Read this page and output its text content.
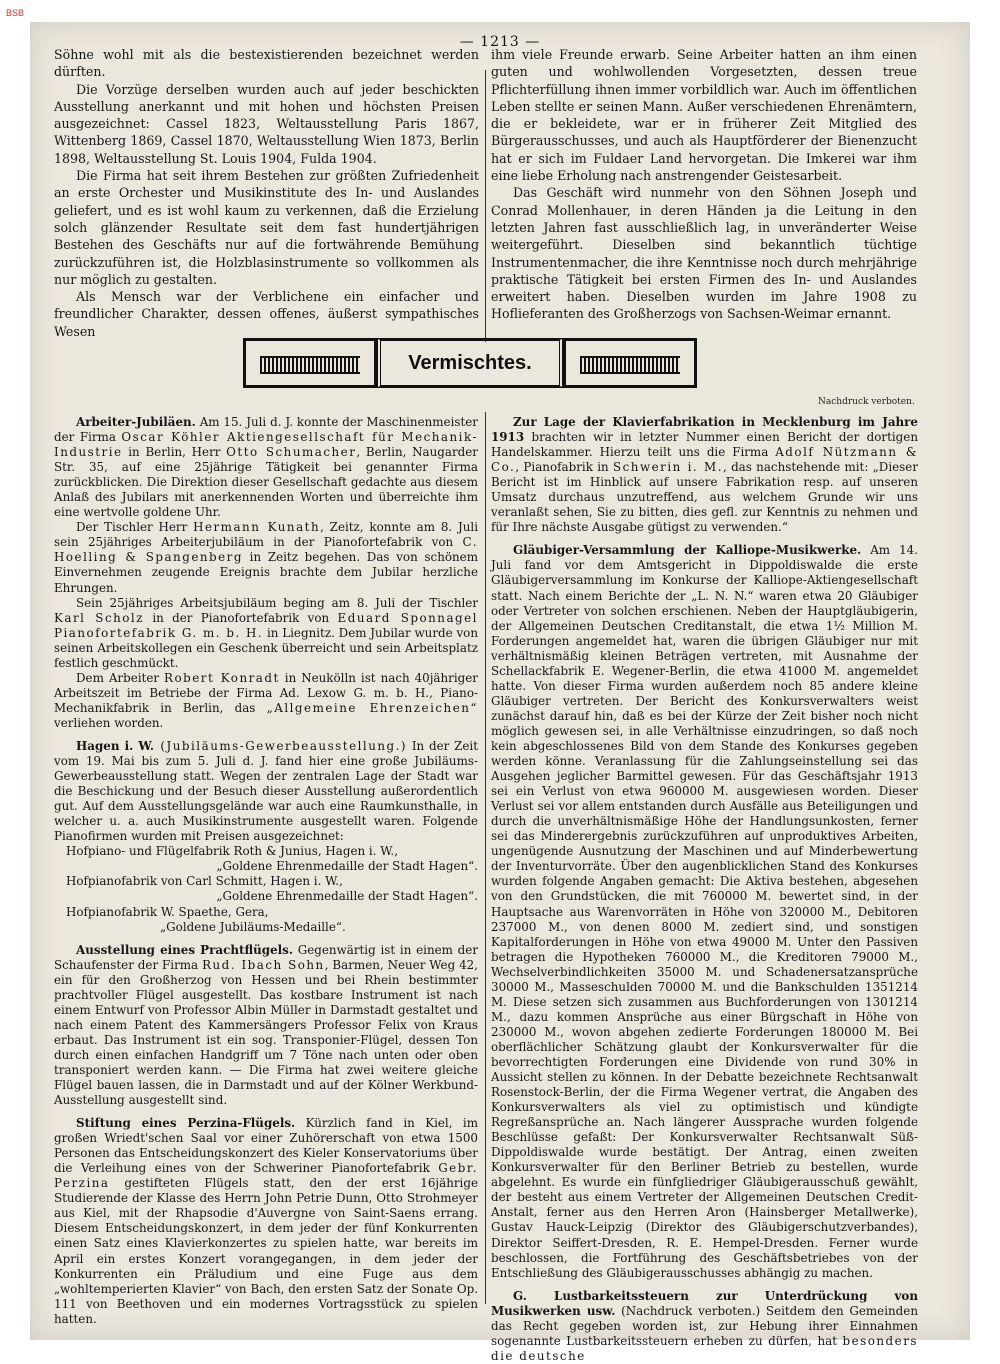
BSB
— 1213 —

Söhne wohl mit als die bestexistierenden bezeichnet werden dürften.

Die Vorzüge derselben wurden auch auf jeder beschickten Ausstellung anerkannt und mit hohen und höchsten Preisen ausgezeichnet: Cassel 1823, Weltausstellung Paris 1867, Wittenberg 1869, Cassel 1870, Weltausstellung Wien 1873, Berlin 1898, Weltausstellung St. Louis 1904, Fulda 1904.

Die Firma hat seit ihrem Bestehen zur größten Zufriedenheit an erste Orchester und Musikinstitute des In- und Auslandes geliefert, und es ist wohl kaum zu verkennen, daß die Erzielung solch glänzender Resultate seit dem fast hundertjährigen Bestehen des Geschäfts nur auf die fortwährende Bemühung zurückzuführen ist, die Holzblasinstrumente so vollkommen als nur möglich zu gestalten.

Als Mensch war der Verblichene ein einfacher und freundlicher Charakter, dessen offenes, äußerst sympathisches Wesen

ihm viele Freunde erwarb. Seine Arbeiter hatten an ihm einen guten und wohlwollenden Vorgesetzten, dessen treue Pflichterfüllung ihnen immer vorbildlich war. Auch im öffentlichen Leben stellte er seinen Mann. Außer verschiedenen Ehrenämtern, die er bekleidete, war er in früherer Zeit Mitglied des Bürgerausschusses, und auch als Hauptförderer der Bienenzucht hat er sich im Fuldaer Land hervorgetan. Die Imkerei war ihm eine liebe Erholung nach anstrengender Geistesarbeit.

Das Geschäft wird nunmehr von den Söhnen Joseph und Conrad Mollenhauer, in deren Händen ja die Leitung in den letzten Jahren fast ausschließlich lag, in unveränderter Weise weitergeführt. Dieselben sind bekanntlich tüchtige Instrumentenmacher, die ihre Kenntnisse noch durch mehrjährige praktische Tätigkeit bei ersten Firmen des In- und Auslandes erweitert haben. Dieselben wurden im Jahre 1908 zu Hoflieferanten des Großherzogs von Sachsen-Weimar ernannt.

Vermischtes.
Nachdruck verboten.

Arbeiter-Jubiläen. Am 15. Juli d. J. konnte der Maschinenmeister der Firma Oscar Köhler Aktiengesellschaft für Mechanik-Industrie in Berlin, Herr Otto Schumacher, Berlin, Naugarder Str. 35, auf eine 25jährige Tätigkeit bei genannter Firma zurückblicken. Die Direktion dieser Gesellschaft gedachte aus diesem Anlaß des Jubilars mit anerkennenden Worten und überreichte ihm eine wertvolle goldene Uhr.

Der Tischler Herr Hermann Kunath, Zeitz, konnte am 8. Juli sein 25jähriges Arbeiterjubiläum in der Pianofortefabrik von C. Hoelling & Spangenberg in Zeitz begehen. Das von schönem Einvernehmen zeugende Ereignis brachte dem Jubilar herzliche Ehrungen.

Sein 25jähriges Arbeitsjubiläum beging am 8. Juli der Tischler Karl Scholz in der Pianofortefabrik von Eduard Sponnagel Pianofortefabrik G. m. b. H. in Liegnitz. Dem Jubilar wurde von seinen Arbeitskollegen ein Geschenk überreicht und sein Arbeitsplatz festlich geschmückt.

Dem Arbeiter Robert Konradt in Neukölln ist nach 40jähriger Arbeitszeit im Betriebe der Firma Ad. Lexow G. m. b. H., Piano-Mechanikfabrik in Berlin, das „Allgemeine Ehrenzeichen“ verliehen worden.

Hagen i. W. (Jubiläums-Gewerbeausstellung.) In der Zeit vom 19. Mai bis zum 5. Juli d. J. fand hier eine große Jubiläums-Gewerbeausstellung statt. Wegen der zentralen Lage der Stadt war die Beschickung und der Besuch dieser Ausstellung außerordentlich gut. Auf dem Ausstellungsgelände war auch eine Raumkunsthalle, in welcher u. a. auch Musikinstrumente ausgestellt waren. Folgende Pianofirmen wurden mit Preisen ausgezeichnet:

Hofpiano- und Flügelfabrik Roth & Junius, Hagen i. W.,

„Goldene Ehrenmedaille der Stadt Hagen“.

Hofpianofabrik von Carl Schmitt, Hagen i. W.,

„Goldene Ehrenmedaille der Stadt Hagen“.

Hofpianofabrik W. Spaethe, Gera,

„Goldene Jubiläums-Medaille“.

Ausstellung eines Prachtflügels. Gegenwärtig ist in einem der Schaufenster der Firma Rud. Ibach Sohn, Barmen, Neuer Weg 42, ein für den Großherzog von Hessen und bei Rhein bestimmter prachtvoller Flügel ausgestellt. Das kostbare Instrument ist nach einem Entwurf von Professor Albin Müller in Darmstadt gestaltet und nach einem Patent des Kammersängers Professor Felix von Kraus erbaut. Das Instrument ist ein sog. Transponier-Flügel, dessen Ton durch einen einfachen Handgriff um 7 Töne nach unten oder oben transponiert werden kann. — Die Firma hat zwei weitere gleiche Flügel bauen lassen, die in Darmstadt und auf der Kölner Werkbund-Ausstellung ausgestellt sind.

Stiftung eines Perzina-Flügels. Kürzlich fand in Kiel, im großen Wriedt'schen Saal vor einer Zuhörerschaft von etwa 1500 Personen das Entscheidungskonzert des Kieler Konservatoriums über die Verleihung eines von der Schweriner Pianofortefabrik Gebr. Perzina gestifteten Flügels statt, den der erst 16jährige Studierende der Klasse des Herrn John Petrie Dunn, Otto Strohmeyer aus Kiel, mit der Rhapsodie d'Auvergne von Saint-Saens errang. Diesem Entscheidungskonzert, in dem jeder der fünf Konkurrenten einen Satz eines Klavierkonzertes zu spielen hatte, war bereits im April ein erstes Konzert vorangegangen, in dem jeder der Konkurrenten ein Präludium und eine Fuge aus dem „wohltemperierten Klavier“ von Bach, den ersten Satz der Sonate Op. 111 von Beethoven und ein modernes Vortragsstück zu spielen hatten.

Zur Lage der Klavierfabrikation in Mecklenburg im Jahre 1913 brachten wir in letzter Nummer einen Bericht der dortigen Handelskammer. Hierzu teilt uns die Firma Adolf Nützmann & Co., Pianofabrik in Schwerin i. M., das nachstehende mit: „Dieser Bericht ist im Hinblick auf unsere Fabrikation resp. auf unseren Umsatz durchaus unzutreffend, aus welchem Grunde wir uns veranlaßt sehen, Sie zu bitten, dies gefl. zur Kenntnis zu nehmen und für Ihre nächste Ausgabe gütigst zu verwenden.“

Gläubiger-Versammlung der Kalliope-Musikwerke. Am 14. Juli fand vor dem Amtsgericht in Dippoldiswalde die erste Gläubigerversammlung im Konkurse der Kalliope-Aktiengesellschaft statt. Nach einem Berichte der „L. N. N.“ waren etwa 20 Gläubiger oder Vertreter von solchen erschienen. Neben der Hauptgläubigerin, der Allgemeinen Deutschen Creditanstalt, die etwa 1½ Million M. Forderungen angemeldet hat, waren die übrigen Gläubiger nur mit verhältnismäßig kleinen Beträgen vertreten, mit Ausnahme der Schellackfabrik E. Wegener-Berlin, die etwa 41000 M. angemeldet hatte. Von dieser Firma wurden außerdem noch 85 andere kleine Gläubiger vertreten. Der Bericht des Konkursverwalters weist zunächst darauf hin, daß es bei der Kürze der Zeit bisher noch nicht möglich gewesen sei, in alle Verhältnisse einzudringen, so daß noch kein abgeschlossenes Bild von dem Stande des Konkurses gegeben werden könne. Veranlassung für die Zahlungseinstellung sei das Ausgehen jeglicher Barmittel gewesen. Für das Geschäftsjahr 1913 sei ein Verlust von etwa 960000 M. ausgewiesen worden. Dieser Verlust sei vor allem entstanden durch Ausfälle aus Beteiligungen und durch die unverhältnismäßige Höhe der Handlungsunkosten, ferner sei das Minderergebnis zurückzuführen auf unproduktives Arbeiten, ungenügende Ausnutzung der Maschinen und auf Minderbewertung der Inventurvorräte. Über den augenblicklichen Stand des Konkurses wurden folgende Angaben gemacht: Die Aktiva bestehen, abgesehen von den Grundstücken, die mit 760000 M. bewertet sind, in der Hauptsache aus Warenvorräten in Höhe von 320000 M., Debitoren 237000 M., von denen 8000 M. zediert sind, und sonstigen Kapitalforderungen in Höhe von etwa 49000 M. Unter den Passiven betragen die Hypotheken 760000 M., die Kreditoren 79000 M., Wechselverbindlichkeiten 35000 M. und Schadenersatzansprüche 30000 M., Masseschulden 70000 M. und die Bankschulden 1351214 M. Diese setzen sich zusammen aus Buchforderungen von 1301214 M., dazu kommen Ansprüche aus einer Bürgschaft in Höhe von 230000 M., wovon abgehen zedierte Forderungen 180000 M. Bei oberflächlicher Schätzung glaubt der Konkursverwalter für die bevorrechtigten Forderungen eine Dividende von rund 30% in Aussicht stellen zu können. In der Debatte bezeichnete Rechtsanwalt Rosenstock-Berlin, der die Firma Wegener vertrat, die Angaben des Konkursverwalters als viel zu optimistisch und kündigte Regreßansprüche an. Nach längerer Aussprache wurden folgende Beschlüsse gefaßt: Der Konkursverwalter Rechtsanwalt Süß-Dippoldiswalde wurde bestätigt. Der Antrag, einen zweiten Konkursverwalter für den Berliner Betrieb zu bestellen, wurde abgelehnt. Es wurde ein fünfgliedriger Gläubigerausschuß gewählt, der besteht aus einem Vertreter der Allgemeinen Deutschen Credit-Anstalt, ferner aus den Herren Aron (Hainsberger Metallwerke), Gustav Hauck-Leipzig (Direktor des Gläubigerschutzverbandes), Direktor Seiffert-Dresden, R. E. Hempel-Dresden. Ferner wurde beschlossen, die Fortführung des Geschäftsbetriebes von der Entschließung des Gläubigerausschusses abhängig zu machen.

G. Lustbarkeitssteuern zur Unterdrückung von Musikwerken usw. (Nachdruck verboten.) Seitdem den Gemeinden das Recht gegeben worden ist, zur Hebung ihrer Einnahmen sogenannte Lustbarkeitssteuern erheben zu dürfen, hat besonders die deutsche
